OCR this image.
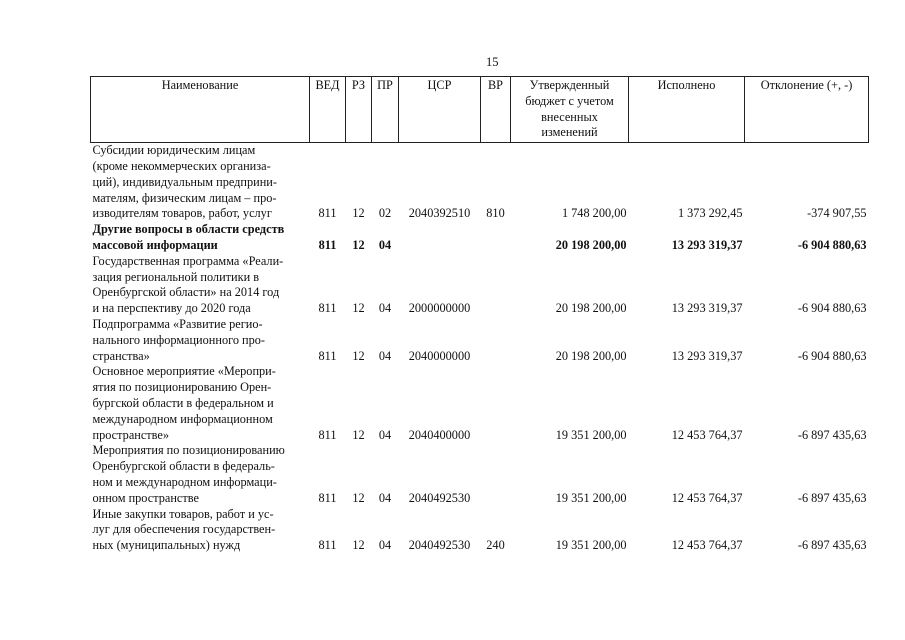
15
Наименование	ВЕД	РЗ	ПР	ЦСР	ВР	Утвержденный бюджет с учетом внесенных изменений	Исполнено	Отклонение (+, -)

Субсидии юридическим лицам
(кроме некоммерческих организа-
ций), индивидуальным предприни-
мателям, физическим лицам – про-
изводителям товаров, работ, услуг	811	12	02	2040392510	810	1 748 200,00	1 373 292,45	-374 907,55

Другие вопросы в области средств
массовой информации	811	12	04			20 198 200,00	13 293 319,37	-6 904 880,63

Государственная программа «Реали-
зация региональной политики в
Оренбургской области» на 2014 год
и на перспективу до 2020 года	811	12	04	2000000000		20 198 200,00	13 293 319,37	-6 904 880,63

Подпрограмма «Развитие регио-
нального информационного про-
странства»	811	12	04	2040000000		20 198 200,00	13 293 319,37	-6 904 880,63

Основное мероприятие «Меропри-
ятия по позиционированию Орен-
бургской области в федеральном и
международном информационном
пространстве»	811	12	04	2040400000		19 351 200,00	12 453 764,37	-6 897 435,63

Мероприятия по позиционированию
Оренбургской области в федераль-
ном и международном информаци-
онном пространстве	811	12	04	2040492530		19 351 200,00	12 453 764,37	-6 897 435,63

Иные закупки товаров, работ и ус-
луг для обеспечения государствен-
ных (муниципальных) нужд	811	12	04	2040492530	240	19 351 200,00	12 453 764,37	-6 897 435,63
